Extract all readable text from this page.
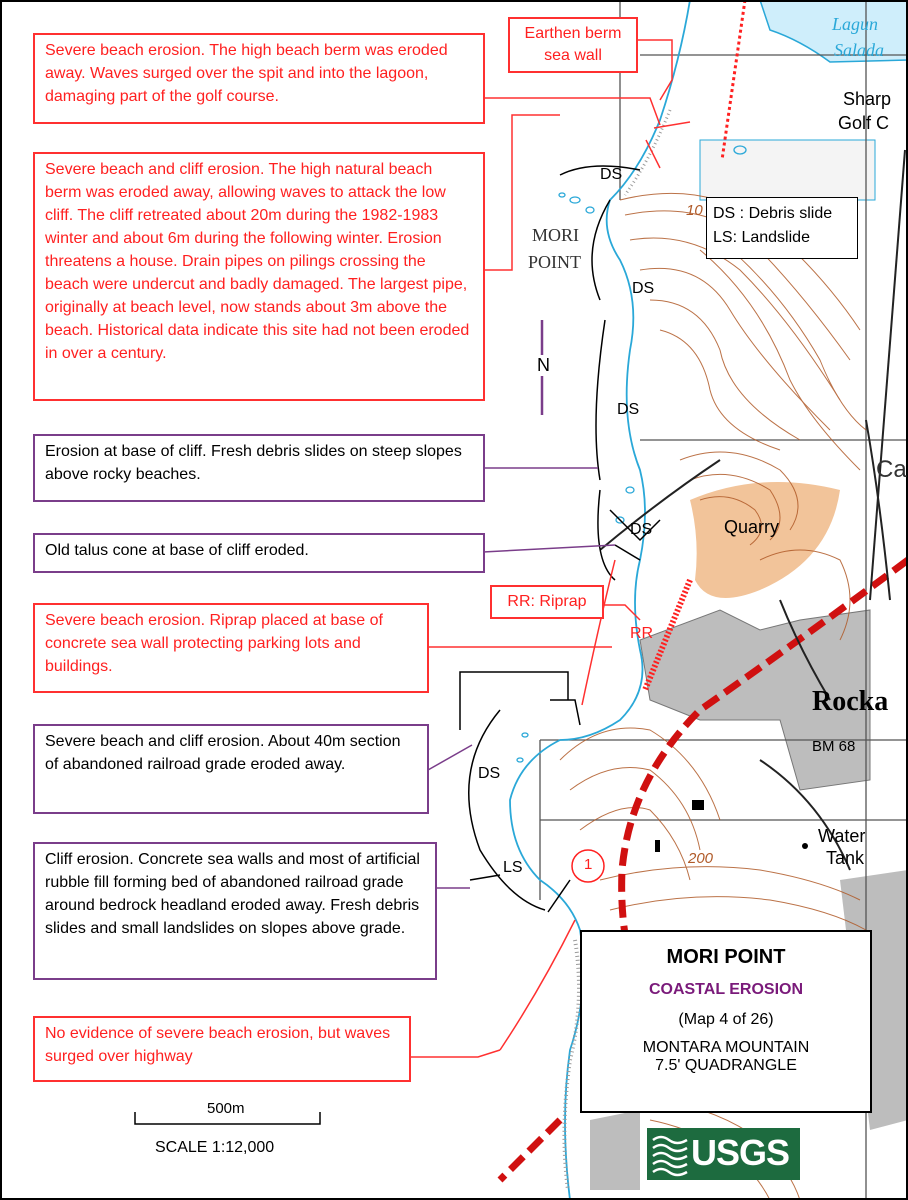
Severe beach erosion. The high beach berm was eroded away. Waves surged over the spit and into the lagoon, damaging part of the golf course.
Severe beach and cliff erosion. The high natural beach berm was eroded away, allowing waves to attack the low cliff. The cliff retreated about 20m during the 1982-1983 winter and about 6m during the following winter. Erosion threatens a house. Drain pipes on pilings crossing the beach were undercut and badly damaged. The largest pipe, originally at beach level, now stands about 3m above the beach. Historical data indicate this site had not been eroded in over a century.
Erosion at base of cliff. Fresh debris slides on steep slopes above rocky beaches.
Old talus cone at base of cliff eroded.
Severe beach erosion. Riprap placed at base of concrete sea wall protecting parking lots and buildings.
Severe beach and cliff erosion. About 40m section of abandoned railroad grade eroded away.
Cliff erosion. Concrete sea walls and most of artificial rubble fill forming bed of abandoned railroad grade around bedrock headland eroded away. Fresh debris slides and small landslides on slopes above grade.
No evidence of severe beach erosion, but waves surged over highway
Earthen berm sea wall
RR: Riprap
DS : Debris slide
LS: Landslide
Lagun
Salada
Sharp
Golf C
MORI
POINT
N
Quarry
Ca
Rocka
BM 68
Water
Tank
200
10
1
DS
DS
DS
DS
DS
LS
RR
MORI POINT
COASTAL EROSION
(Map 4 of 26)
MONTARA MOUNTAIN
7.5' QUADRANGLE
500m
SCALE 1:12,000	USGS
